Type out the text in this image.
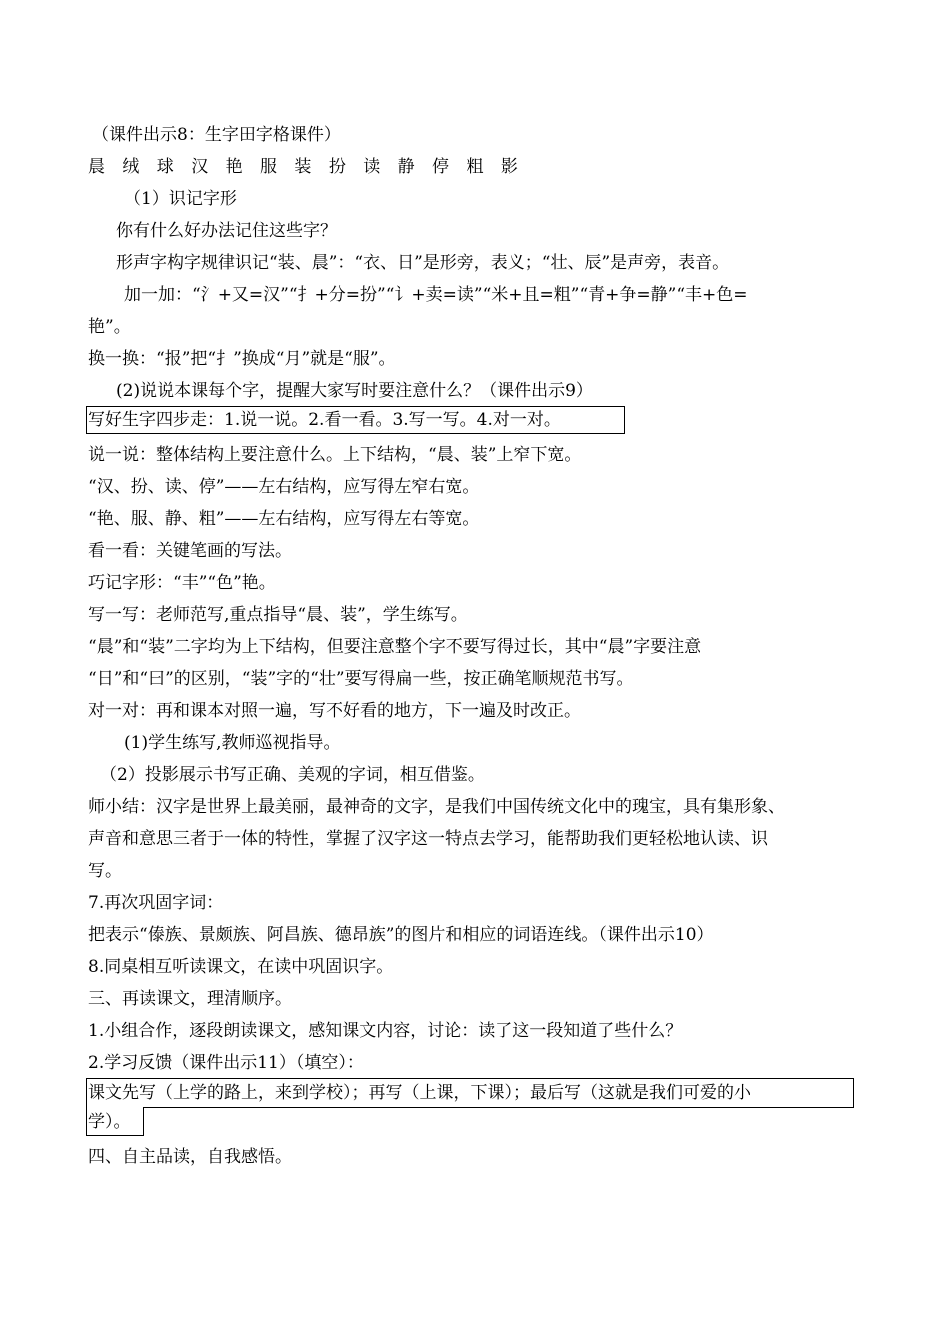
（课件出示8：生字田字格课件）
晨 绒 球 汉 艳 服 装 扮 读 静 停 粗 影
（1）识记字形
你有什么好办法记住这些字？
形声字构字规律识记“装、晨”：“衣、日”是形旁，表义；“壮、辰”是声旁，表音。
加一加：“氵+又=汉”“扌+分=扮”“讠+卖=读”“米+且=粗”“青+争=静”“丰+色=
艳”。
换一换：“报”把“扌”换成“月”就是“服”。
(2)说说本课每个字，提醒大家写时要注意什么？（课件出示9）
写好生字四步走：1.说一说。2.看一看。3.写一写。4.对一对。
说一说：整体结构上要注意什么。上下结构，“晨、装”上窄下宽。
“汉、扮、读、停”——左右结构，应写得左窄右宽。
“艳、服、静、粗”——左右结构，应写得左右等宽。
看一看：关键笔画的写法。
巧记字形：“丰”“色”艳。
写一写：老师范写,重点指导“晨、装”，学生练写。
“晨”和“装”二字均为上下结构，但要注意整个字不要写得过长，其中“晨”字要注意
“日”和“曰”的区别，“装”字的“壮”要写得扁一些，按正确笔顺规范书写。
对一对：再和课本对照一遍，写不好看的地方，下一遍及时改正。
(1)学生练写,教师巡视指导。
（2）投影展示书写正确、美观的字词，相互借鉴。
师小结：汉字是世界上最美丽，最神奇的文字，是我们中国传统文化中的瑰宝，具有集形象、
声音和意思三者于一体的特性，掌握了汉字这一特点去学习，能帮助我们更轻松地认读、识
写。
7.再次巩固字词：
把表示“傣族、景颇族、阿昌族、德昂族”的图片和相应的词语连线。（课件出示10）
8.同桌相互听读课文，在读中巩固识字。
三、再读课文，理清顺序。
1.小组合作，逐段朗读课文，感知课文内容，讨论：读了这一段知道了些什么？
2.学习反馈（课件出示11）（填空）：
课文先写（上学的路上，来到学校）；再写（上课，下课）；最后写（这就是我们可爱的小
学）。
四、自主品读，自我感悟。
